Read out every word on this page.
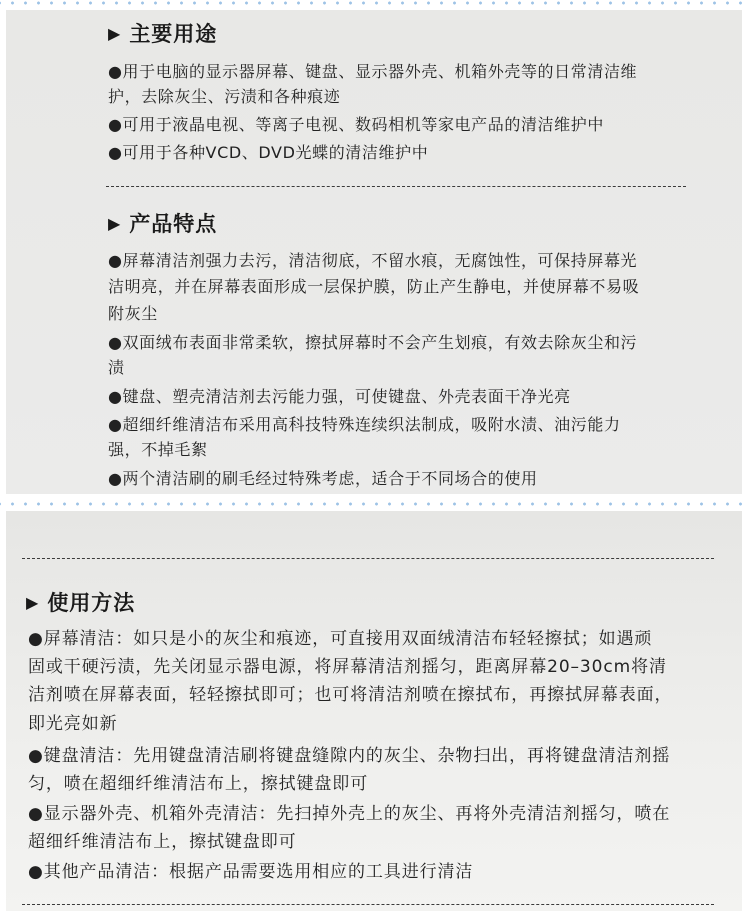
▶ 主要用途
●用于电脑的显示器屏幕、键盘、显示器外壳、机箱外壳等的日常清洁维
护，去除灰尘、污渍和各种痕迹
●可用于液晶电视、等离子电视、数码相机等家电产品的清洁维护中
●可用于各种VCD、DVD光蝶的清洁维护中
▶ 产品特点
●屏幕清洁剂强力去污，清洁彻底，不留水痕，无腐蚀性，可保持屏幕光
洁明亮，并在屏幕表面形成一层保护膜，防止产生静电，并使屏幕不易吸
附灰尘
●双面绒布表面非常柔软，擦拭屏幕时不会产生划痕，有效去除灰尘和污
渍
●键盘、塑壳清洁剂去污能力强，可使键盘、外壳表面干净光亮
●超细纤维清洁布采用高科技特殊连续织法制成，吸附水渍、油污能力
强，不掉毛絮
●两个清洁刷的刷毛经过特殊考虑，适合于不同场合的使用
▶ 使用方法
●屏幕清洁：如只是小的灰尘和痕迹，可直接用双面绒清洁布轻轻擦拭；如遇顽
固或干硬污渍，先关闭显示器电源，将屏幕清洁剂摇匀，距离屏幕20–30cm将清
洁剂喷在屏幕表面，轻轻擦拭即可；也可将清洁剂喷在擦拭布，再擦拭屏幕表面，
即光亮如新
●键盘清洁：先用键盘清洁刷将键盘缝隙内的灰尘、杂物扫出，再将键盘清洁剂摇
匀，喷在超细纤维清洁布上，擦拭键盘即可
●显示器外壳、机箱外壳清洁：先扫掉外壳上的灰尘、再将外壳清洁剂摇匀，喷在
超细纤维清洁布上，擦拭键盘即可
●其他产品清洁：根据产品需要选用相应的工具进行清洁
